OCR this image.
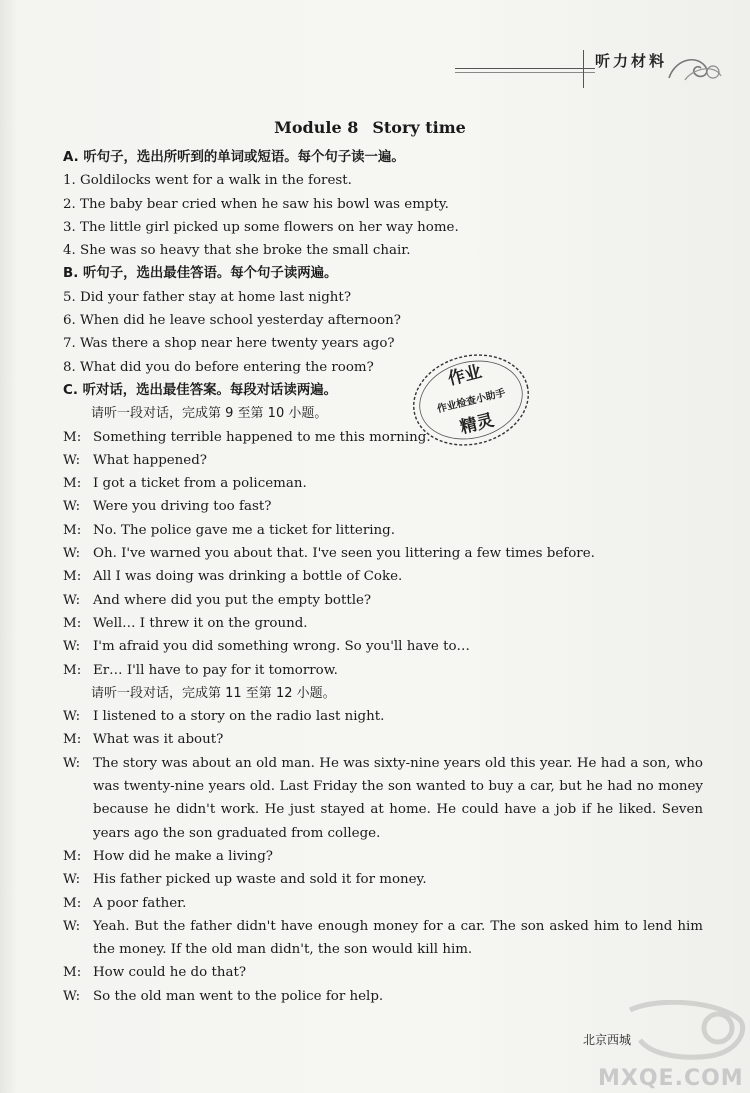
听力材料
Module 8 Story time
A. 听句子，选出所听到的单词或短语。每个句子读一遍。
1. Goldilocks went for a walk in the forest.
2. The baby bear cried when he saw his bowl was empty.
3. The little girl picked up some flowers on her way home.
4. She was so heavy that she broke the small chair.
B. 听句子，选出最佳答语。每个句子读两遍。
5. Did your father stay at home last night?
6. When did he leave school yesterday afternoon?
7. Was there a shop near here twenty years ago?
8. What did you do before entering the room?
C. 听对话，选出最佳答案。每段对话读两遍。
请听一段对话，完成第 9 至第 10 小题。
M: Something terrible happened to me this morning.
W: What happened?
M: I got a ticket from a policeman.
W: Were you driving too fast?
M: No. The police gave me a ticket for littering.
W: Oh. I've warned you about that. I've seen you littering a few times before.
M: All I was doing was drinking a bottle of Coke.
W: And where did you put the empty bottle?
M: Well… I threw it on the ground.
W: I'm afraid you did something wrong. So you'll have to…
M: Er… I'll have to pay for it tomorrow.
请听一段对话，完成第 11 至第 12 小题。
W: I listened to a story on the radio last night.
M: What was it about?
W: The story was about an old man. He was sixty-nine years old this year. He had a son, who was twenty-nine years old. Last Friday the son wanted to buy a car, but he had no money because he didn't work. He just stayed at home. He could have a job if he liked. Seven years ago the son graduated from college.
M: How did he make a living?
W: His father picked up waste and sold it for money.
M: A poor father.
W: Yeah. But the father didn't have enough money for a car. The son asked him to lend him the money. If the old man didn't, the son would kill him.
M: How could he do that?
W: So the old man went to the police for help.
作业
作业检查小助手
精灵
北京西城
MXQE.COM
